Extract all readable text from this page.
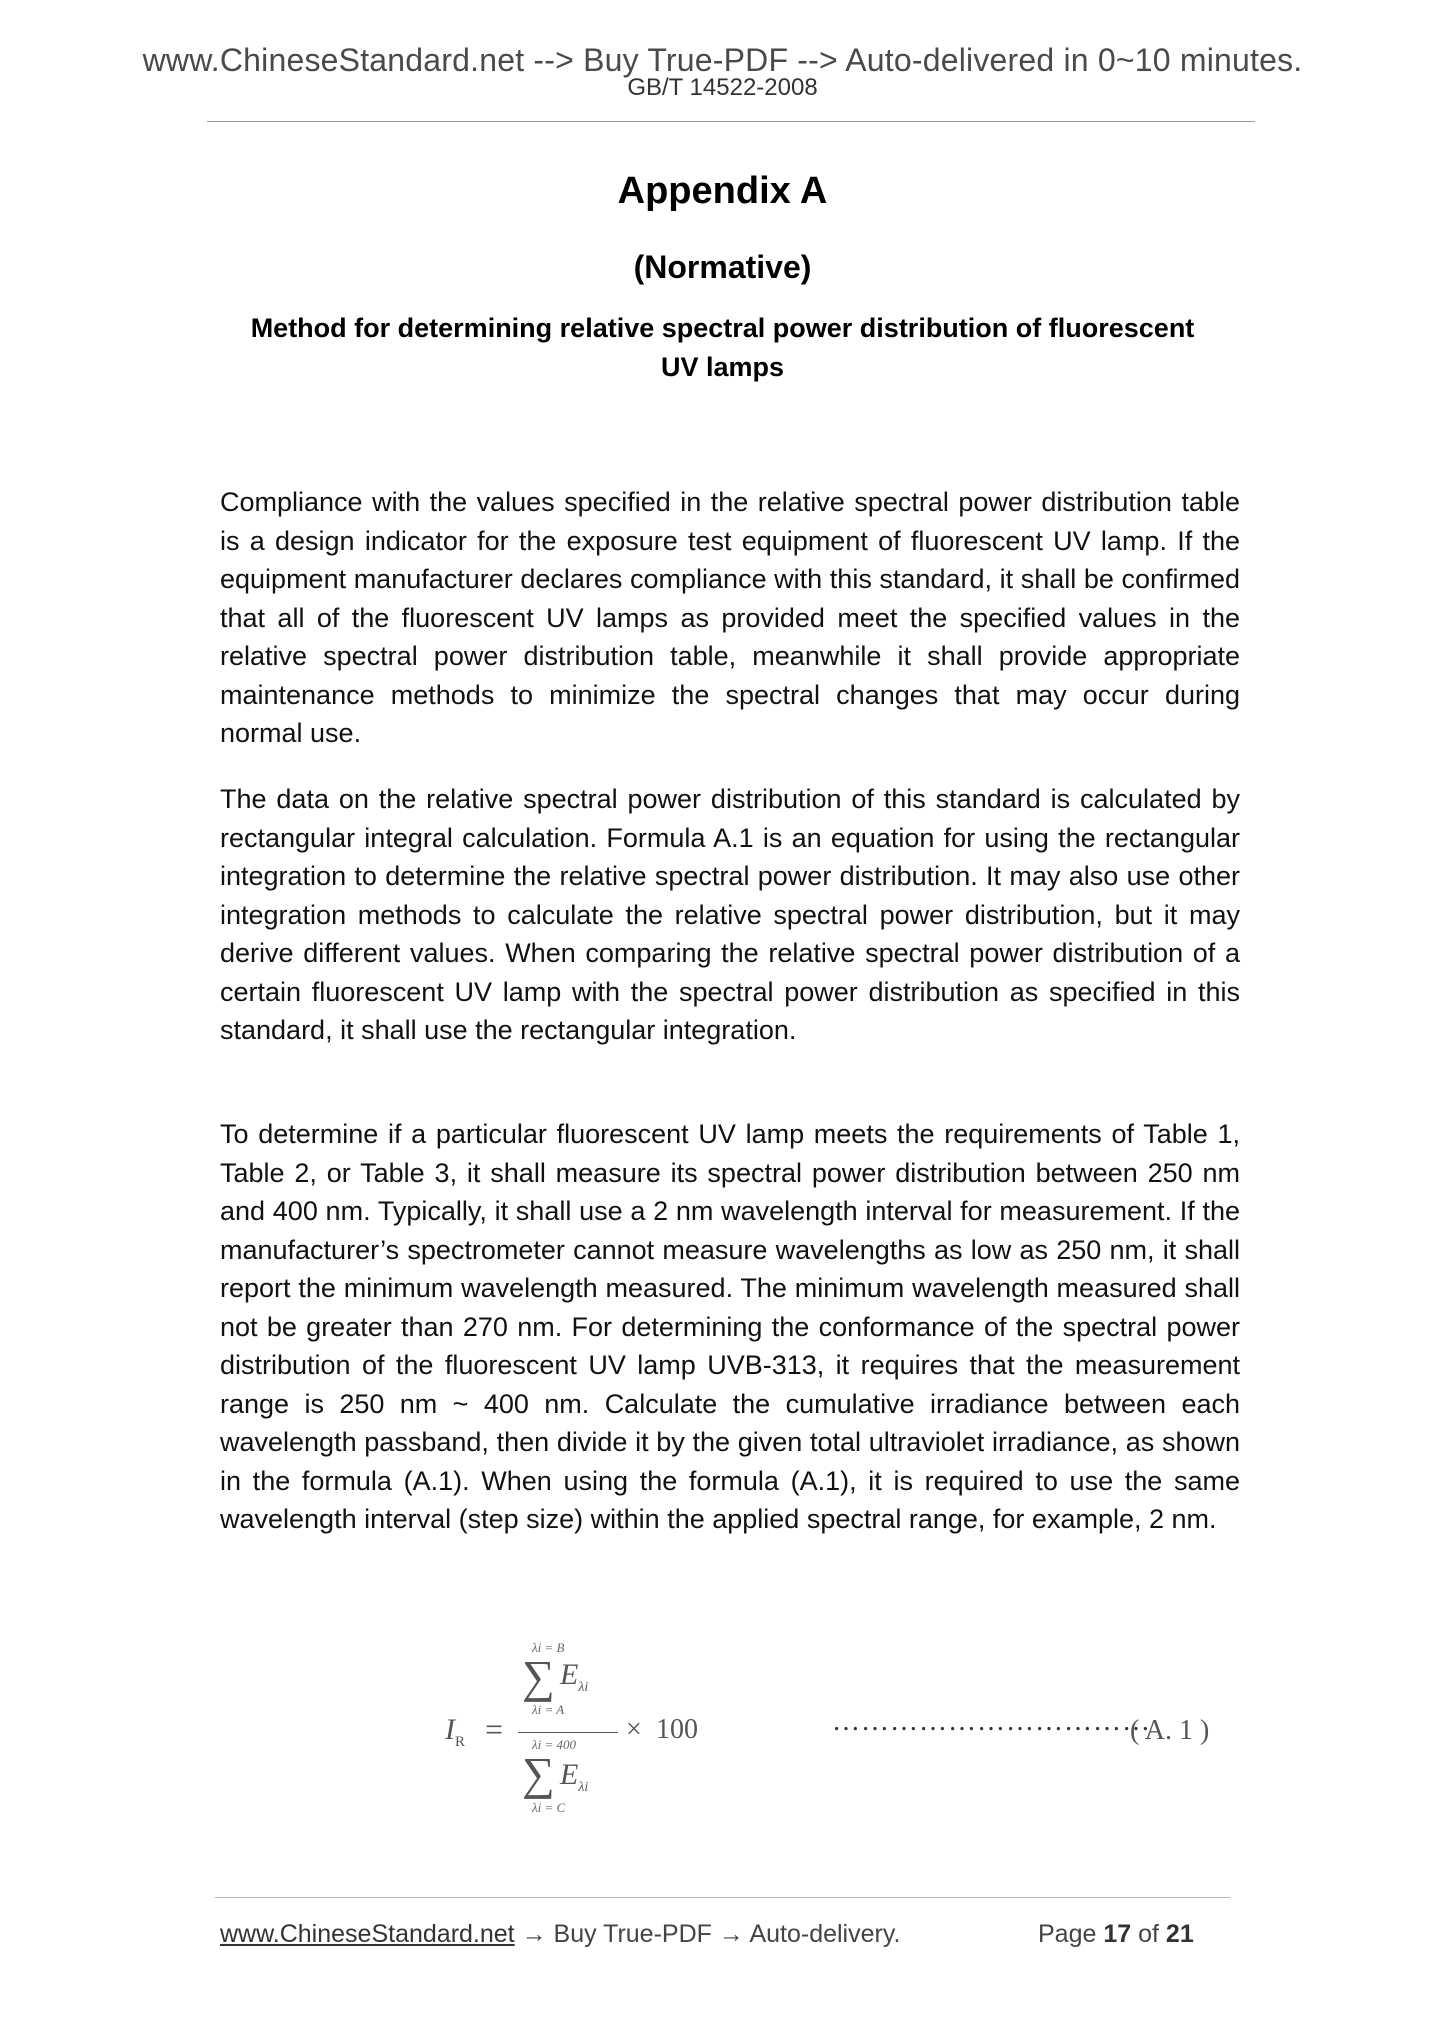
www.ChineseStandard.net --> Buy True-PDF --> Auto-delivered in 0~10 minutes.
GB/T 14522-2008
Appendix A
(Normative)
Method for determining relative spectral power distribution of fluorescent UV lamps

Compliance with the values specified in the relative spectral power distribution table is a design indicator for the exposure test equipment of fluorescent UV lamp. If the equipment manufacturer declares compliance with this standard, it shall be confirmed that all of the fluorescent UV lamps as provided meet the specified values in the relative spectral power distribution table, meanwhile it shall provide appropriate maintenance methods to minimize the spectral changes that may occur during normal use.

The data on the relative spectral power distribution of this standard is calculated by rectangular integral calculation. Formula A.1 is an equation for using the rectangular integration to determine the relative spectral power distribution. It may also use other integration methods to calculate the relative spectral power distribution, but it may derive different values. When comparing the relative spectral power distribution of a certain fluorescent UV lamp with the spectral power distribution as specified in this standard, it shall use the rectangular integration.

To determine if a particular fluorescent UV lamp meets the requirements of Table 1, Table 2, or Table 3, it shall measure its spectral power distribution between 250 nm and 400 nm. Typically, it shall use a 2 nm wavelength interval for measurement. If the manufacturer’s spectrometer cannot measure wavelengths as low as 250 nm, it shall report the minimum wavelength measured. The minimum wavelength measured shall not be greater than 270 nm. For determining the conformance of the spectral power distribution of the fluorescent UV lamp UVB-313, it requires that the measurement range is 250 nm ~ 400 nm. Calculate the cumulative irradiance between each wavelength passband, then divide it by the given total ultraviolet irradiance, as shown in the formula (A.1). When using the formula (A.1), it is required to use the same wavelength interval (step size) within the applied spectral range, for example, 2 nm.

$I_R$ =
λi = B
∑ $E_{\lambda i}$
λi = A
λi = 400
∑ $E_{\lambda i}$
λi = C
× 100	……………………………
( A. 1 )
www.ChineseStandard.net → Buy True-PDF → Auto-delivery.	Page 17 of 21
